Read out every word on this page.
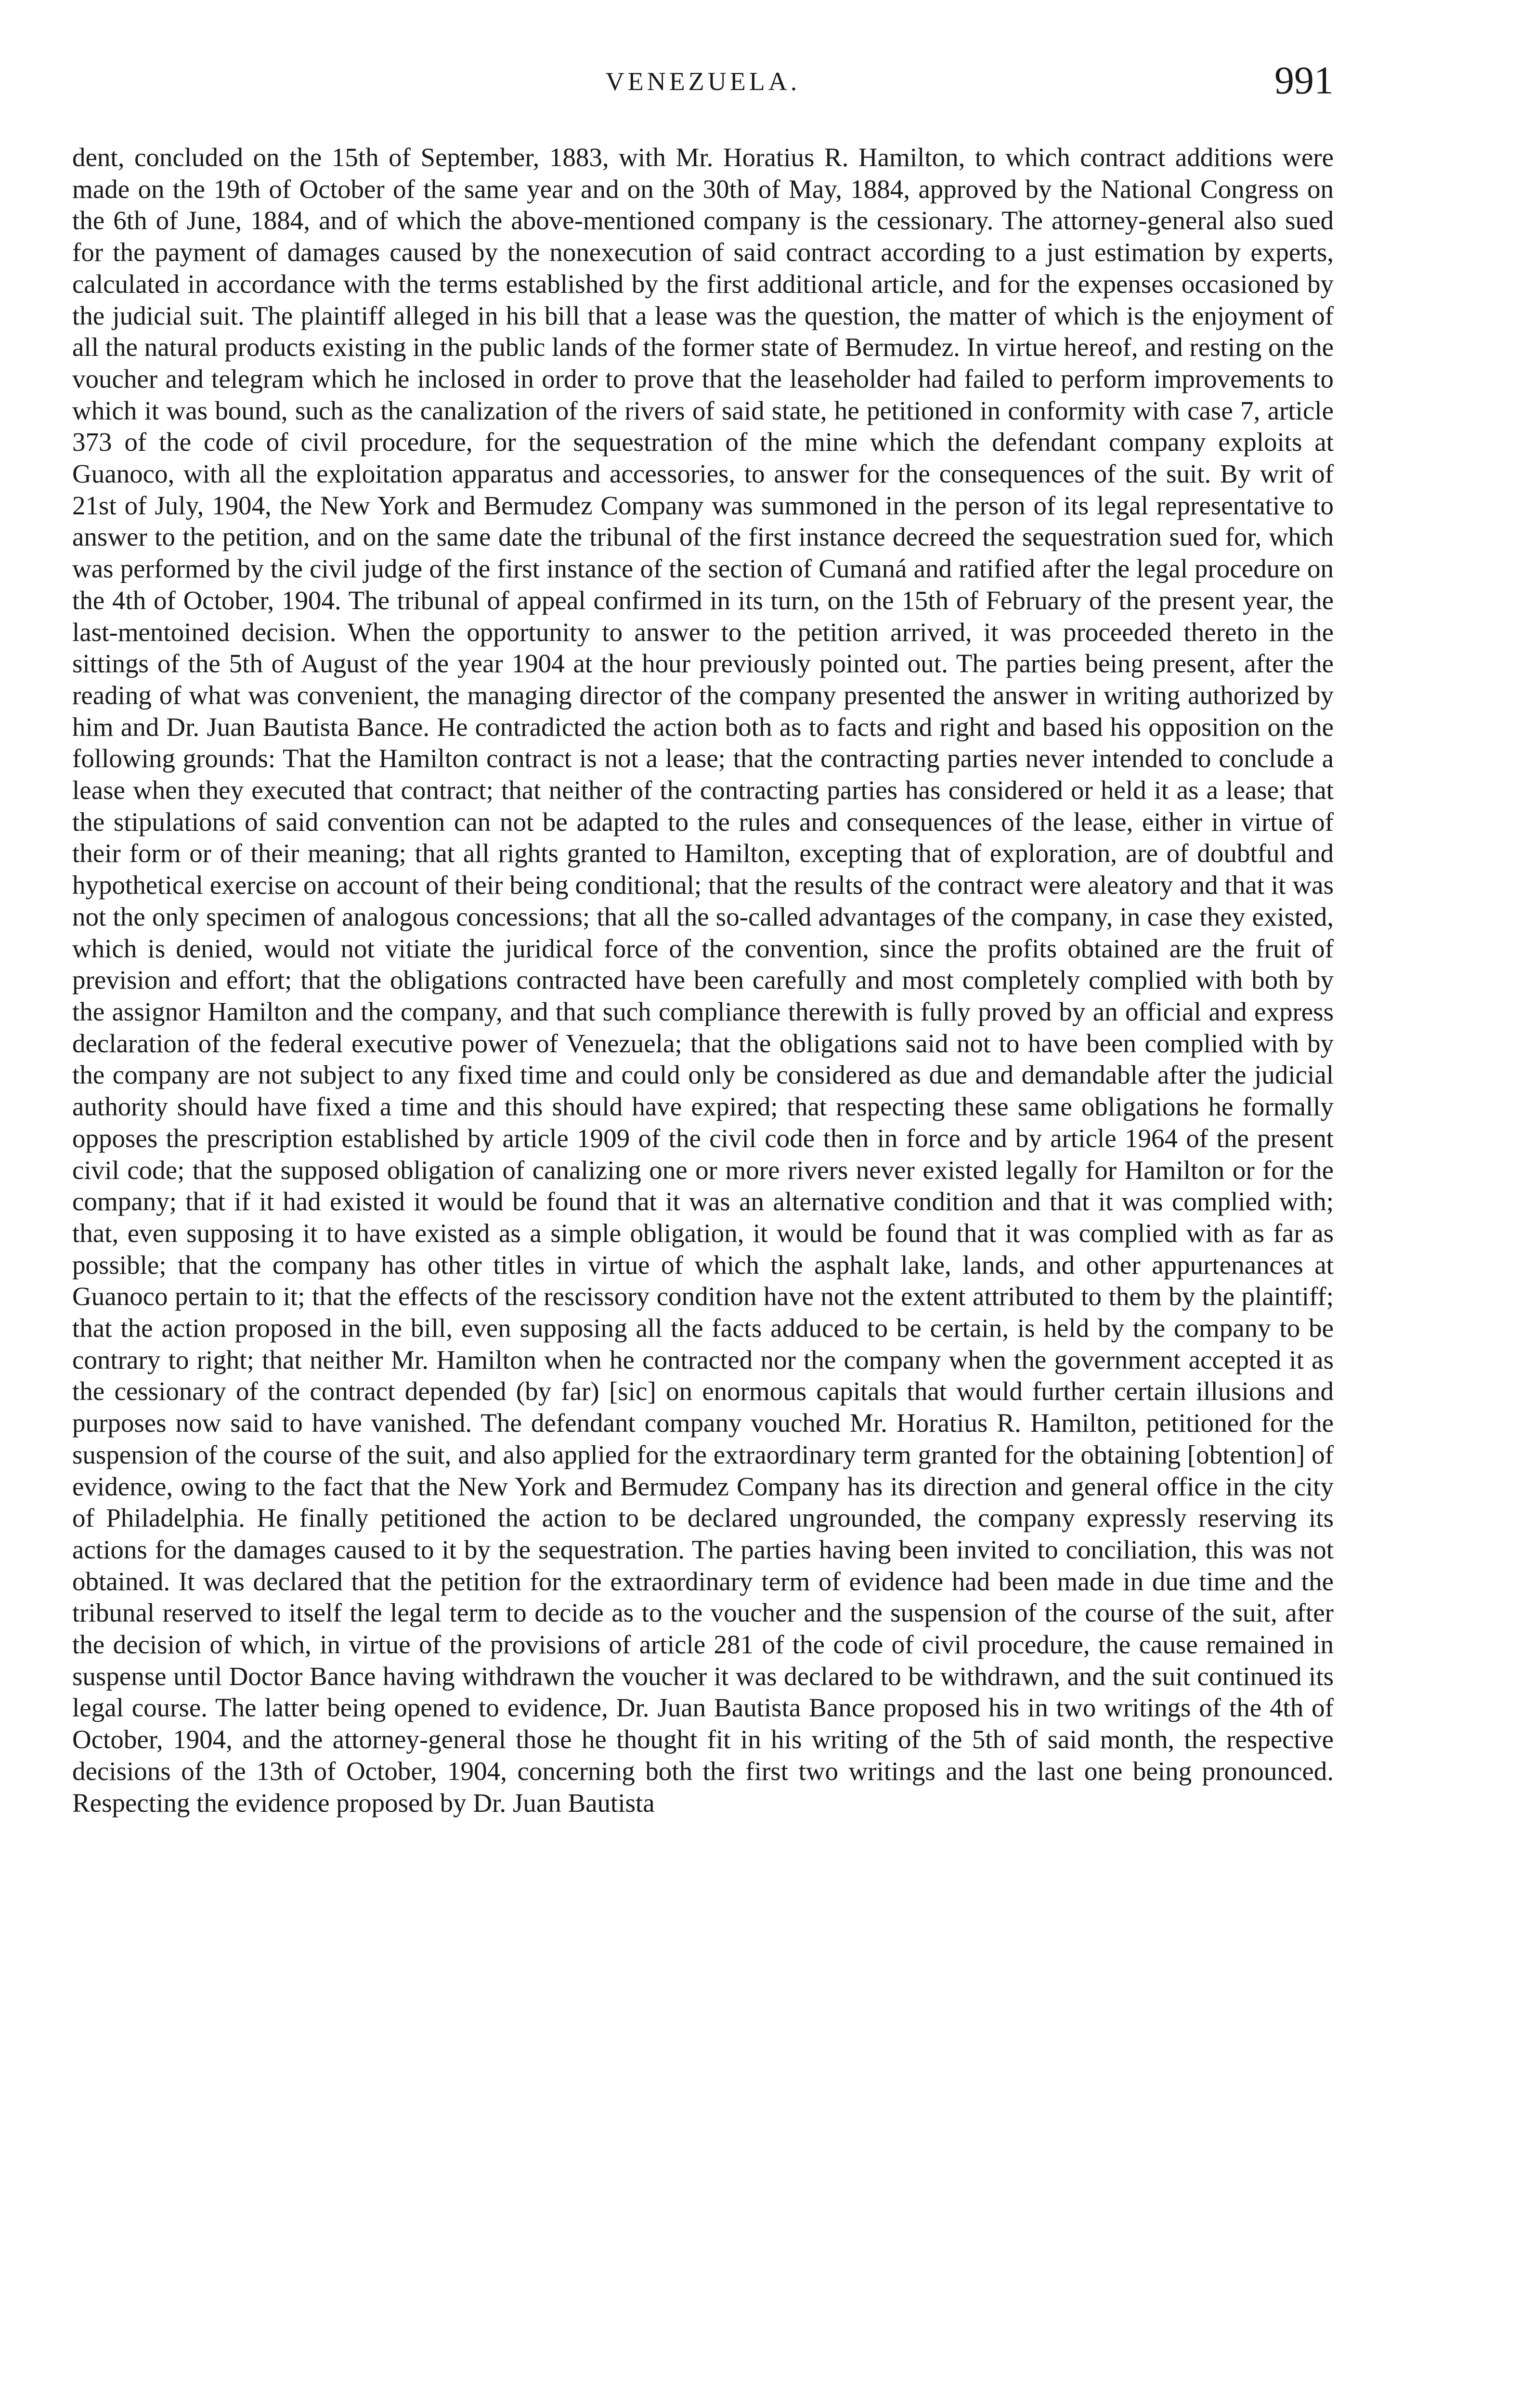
VENEZUELA.	991

dent, concluded on the 15th of September, 1883, with Mr. Horatius R. Hamilton, to which contract additions were made on the 19th of October of the same year and on the 30th of May, 1884, approved by the National Congress on the 6th of June, 1884, and of which the above-mentioned company is the cessionary. The attorney-general also sued for the payment of damages caused by the nonexecution of said contract according to a just estimation by experts, calculated in accordance with the terms established by the first additional article, and for the expenses occasioned by the judicial suit. The plaintiff alleged in his bill that a lease was the question, the matter of which is the enjoyment of all the natural products existing in the public lands of the former state of Bermudez. In virtue hereof, and resting on the voucher and telegram which he inclosed in order to prove that the leaseholder had failed to perform improvements to which it was bound, such as the canalization of the rivers of said state, he petitioned in conformity with case 7, article 373 of the code of civil procedure, for the sequestration of the mine which the defendant company exploits at Guanoco, with all the exploitation apparatus and accessories, to answer for the consequences of the suit. By writ of 21st of July, 1904, the New York and Bermudez Company was summoned in the person of its legal representative to answer to the petition, and on the same date the tribunal of the first instance decreed the sequestration sued for, which was performed by the civil judge of the first instance of the section of Cumaná and ratified after the legal procedure on the 4th of October, 1904. The tribunal of appeal confirmed in its turn, on the 15th of February of the present year, the last-mentoined decision. When the opportunity to answer to the petition arrived, it was proceeded thereto in the sittings of the 5th of August of the year 1904 at the hour previously pointed out. The parties being present, after the reading of what was convenient, the managing director of the company presented the answer in writing authorized by him and Dr. Juan Bautista Bance. He contradicted the action both as to facts and right and based his opposition on the following grounds: That the Hamilton contract is not a lease; that the contracting parties never intended to conclude a lease when they executed that contract; that neither of the contracting parties has considered or held it as a lease; that the stipulations of said convention can not be adapted to the rules and consequences of the lease, either in virtue of their form or of their meaning; that all rights granted to Hamilton, excepting that of exploration, are of doubtful and hypothetical exercise on account of their being conditional; that the results of the contract were aleatory and that it was not the only specimen of analogous concessions; that all the so-called advantages of the company, in case they existed, which is denied, would not vitiate the juridical force of the convention, since the profits obtained are the fruit of prevision and effort; that the obligations contracted have been carefully and most completely complied with both by the assignor Hamilton and the company, and that such compliance therewith is fully proved by an official and express declaration of the federal executive power of Venezuela; that the obligations said not to have been complied with by the company are not subject to any fixed time and could only be considered as due and demandable after the judicial authority should have fixed a time and this should have expired; that respecting these same obligations he formally opposes the prescription established by article 1909 of the civil code then in force and by article 1964 of the present civil code; that the supposed obligation of canalizing one or more rivers never existed legally for Hamilton or for the company; that if it had existed it would be found that it was an alternative condition and that it was complied with; that, even supposing it to have existed as a simple obligation, it would be found that it was complied with as far as possible; that the company has other titles in virtue of which the asphalt lake, lands, and other appurtenances at Guanoco pertain to it; that the effects of the rescissory condition have not the extent attributed to them by the plaintiff; that the action proposed in the bill, even supposing all the facts adduced to be certain, is held by the company to be contrary to right; that neither Mr. Hamilton when he contracted nor the company when the government accepted it as the cessionary of the contract depended (by far) [sic] on enormous capitals that would further certain illusions and purposes now said to have vanished. The defendant company vouched Mr. Horatius R. Hamilton, petitioned for the suspension of the course of the suit, and also applied for the extraordinary term granted for the obtaining [obtention] of evidence, owing to the fact that the New York and Bermudez Company has its direction and general office in the city of Philadelphia. He finally petitioned the action to be declared ungrounded, the company expressly reserving its actions for the damages caused to it by the sequestration. The parties having been invited to conciliation, this was not obtained. It was declared that the petition for the extraordinary term of evidence had been made in due time and the tribunal reserved to itself the legal term to decide as to the voucher and the suspension of the course of the suit, after the decision of which, in virtue of the provisions of article 281 of the code of civil procedure, the cause remained in suspense until Doctor Bance having withdrawn the voucher it was declared to be withdrawn, and the suit continued its legal course. The latter being opened to evidence, Dr. Juan Bautista Bance proposed his in two writings of the 4th of October, 1904, and the attorney-general those he thought fit in his writing of the 5th of said month, the respective decisions of the 13th of October, 1904, concerning both the first two writings and the last one being pronounced. Respecting the evidence proposed by Dr. Juan Bautista
